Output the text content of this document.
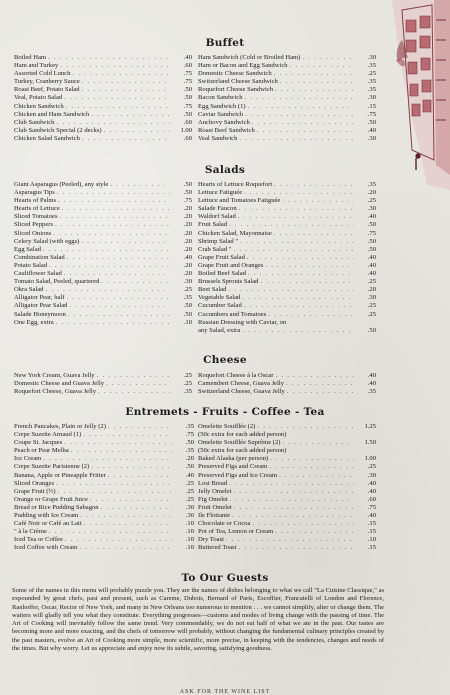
Buffet
Boiled Ham . . .	.40
Ham and Turkey . . .	.60
Assorted Cold Lunch . . .	.75
Turkey, Cranberry Sauce . . .	.75
Roast Beef, Potato Salad . . .	.50
Veal, Potato Salad . . .	.50
Chicken Sandwich . . .	.75
Chicken and Ham Sandwich . . .	.50
Club Sandwich . . .	.60
Club Sandwich Special (2 decks) . . .	1.00
Chicken Salad Sandwich . . .	.60
Ham Sandwich (Cold or Broiled Ham) . . .	.30
Ham or Bacon and Egg Sandwich . . .	.35
Domestic Cheese Sandwich . . .	.25
Switzerland Cheese Sandwich . . .	.35
Roquefort Cheese Sandwich . . .	.35
Bacon Sandwich . . .	.30
Egg Sandwich (1) . . .	.15
Caviar Sandwich . . .	.75
Anchovy Sandwich . . .	.50
Roast Beef Sandwich . . .	.40
Veal Sandwich . . .	.30
Salads
Giant Asparagus (Peeled), any style . . .	.50
Asparagus Tips . . .	.50
Hearts of Palms . . .	.75
Hearts of Lettuce . . .	.20
Sliced Tomatoes . . .	.20
Sliced Peppers . . .	.20
Sliced Onions . . .	.20
Celery Salad (with eggs) . . .	.20
Egg Salad . . .	.20
Combination Salad . . .	.40
Potato Salad . . .	.20
Cauliflower Salad . . .	.20
Tomato Salad, Peeled, quartered . . .	.30
Okra Salad . . .	.25
Alligator Pear, half . . .	.35
Alligator Pear Salad . . .	.50
Salade Honeymoon . . .	.50
One Egg, extra . . .	.10
Hearts of Lettuce Roquefort . . .	.35
Lettuce Fatiguée . . .	.20
Lettuce and Tomatoes Fatiguée . . .	.25
Salade Faucon . . .	.30
Waldorf Salad . . .	.40
Fruit Salad . . .	.50
Chicken Salad, Mayonnaise . . .	.75
Shrimp Salad " . . .	.50
Crab Salad " . . .	.50
Grape Fruit Salad . . .	.40
Grape Fruit and Oranges . . .	.40
Boiled Beef Salad . . .	.40
Brussels Sprouts Salad . . .	.25
Beet Salad . . .	.20
Vegetable Salad . . .	.30
Cucumber Salad . . .	.25
Cucumbers and Tomatoes . . .	.25
Russian Dressing with Caviar, on
any Salad, extra . . .	.50
Cheese
New York Cream, Guava Jelly . . .	.25
Domestic Cheese and Guava Jelly . . .	.25
Roquefort Cheese, Guava Jelly . . .	.35
Roquefort Cheese à la Oscar . . .	.40
Camembert Cheese, Guava Jelly . . .	.40
Switzerland Cheese, Guava Jelly . . .	.35
Entremets - Fruits - Coffee - Tea
French Pancakes, Plain or Jelly (2) . . .	.35
Crepe Suzette Arnaud (1) . . .	.75
Coupe St. Jacques . . .	.50
Peach or Pear Melba . . .	.35
Ice Cream . . .	.20
Crepe Suzette Parisienne (2) . . .	.50
Banana, Apple or Pineapple Fritter . . .	.40
Sliced Oranges . . .	.25
Grape Fruit (½) . . .	.25
Orange or Grape Fruit Juice . . .	.25
Bread or Rice Pudding Sabagon . . .	.30
Pudding with Ice Cream . . .	.30
Café Noir or Café au Lait . . .	.10
" à la Crème . . .	.10
Iced Tea or Coffee . . .	.10
Iced Coffee with Cream . . .	.10
Omelette Soufflée (2) . . .	1.25
(50c extra for each added person)
Omelette Soufflée Suprême (2) . . .	1.50
(50c extra for each added person)
Baked Alaska (per person) . . .	1.00
Preserved Figs and Cream . . .	.25
Preserved Figs and Ice Cream . . .	.30
Lost Bread . . .	.40
Jelly Omelet . . .	.40
Fig Omelet . . .	.60
Fruit Omelet . . .	.75
Ile Flottante . . .	.40
Chocolate or Cocoa . . .	.15
Pot of Tea, Lemon or Cream . . .	.15
Dry Toast . . .	.10
Buttered Toast . . .	.15
To Our Guests
Some of the names in this menu will probably puzzle you. They are the names of dishes belonging to what we call "La Cuisine Classique," as expounded by great chefs, past and present, such as Careme, Dubois, Bernard of Paris, Escoffier, Francatelli of London and Florence, Ranhoffer, Oscar, Rector of New York, and many in New Orleans too numerous to mention . . . we cannot simplify, alter or change them. The waiters will gladly tell you what they constitute. Everything progresses—customs and modes of living change with the passing of time. The Art of Cooking will inevitably follow the same trend. Very commendably, we do not eat half of what we ate in the past. Our tastes are becoming more and more exacting, and the chefs of tomorrow will probably, without changing the fundamental culinary principles created by the past masters, evolve an Art of Cooking more simple, more scientific, more precise, in keeping with the tendencies, changes and needs of the times. But why worry. Let us appreciate and enjoy now its subtle, savoring, satisfying goodness.
ASK FOR THE WINE LIST
